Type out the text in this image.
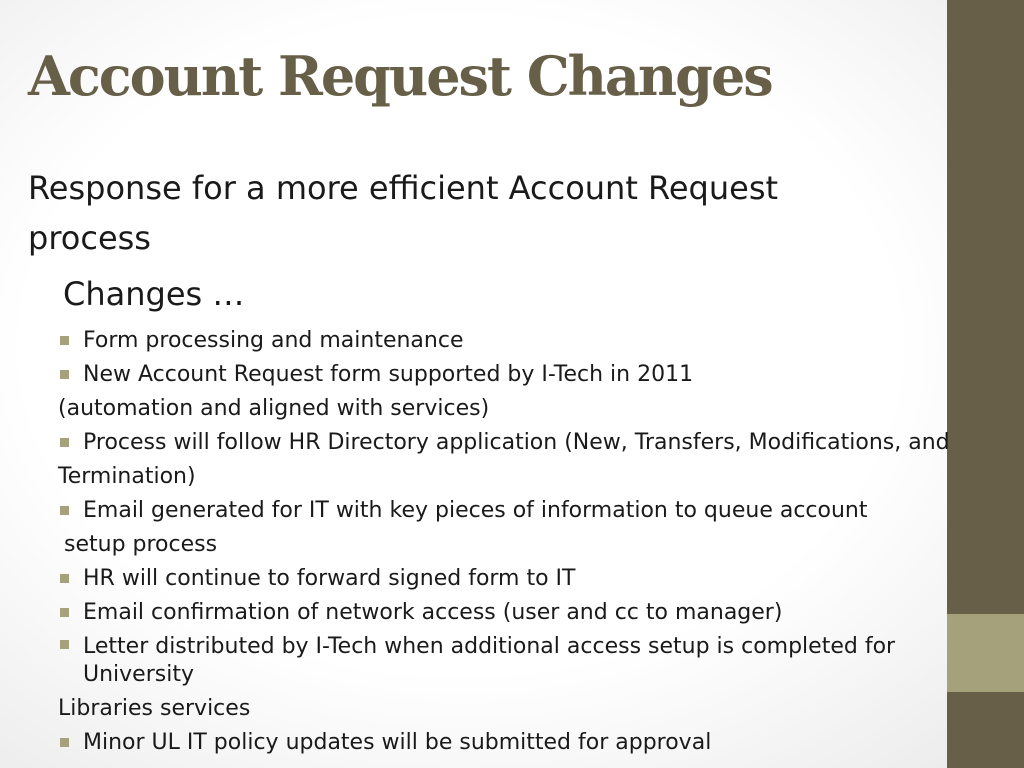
Account Request Changes
Response for a more efficient Account Request process
Changes …
Form processing and maintenance
New Account Request form supported by I-Tech in 2011
(automation and aligned with services)
Process will follow HR Directory application (New, Transfers, Modifications, and
Termination)
Email generated for IT with key pieces of information to queue account
setup process
HR will continue to forward signed form to IT
Email confirmation of network access (user and cc to manager)
Letter distributed by I-Tech when additional access setup is completed for University
Libraries services
Minor UL IT policy updates will be submitted for approval
